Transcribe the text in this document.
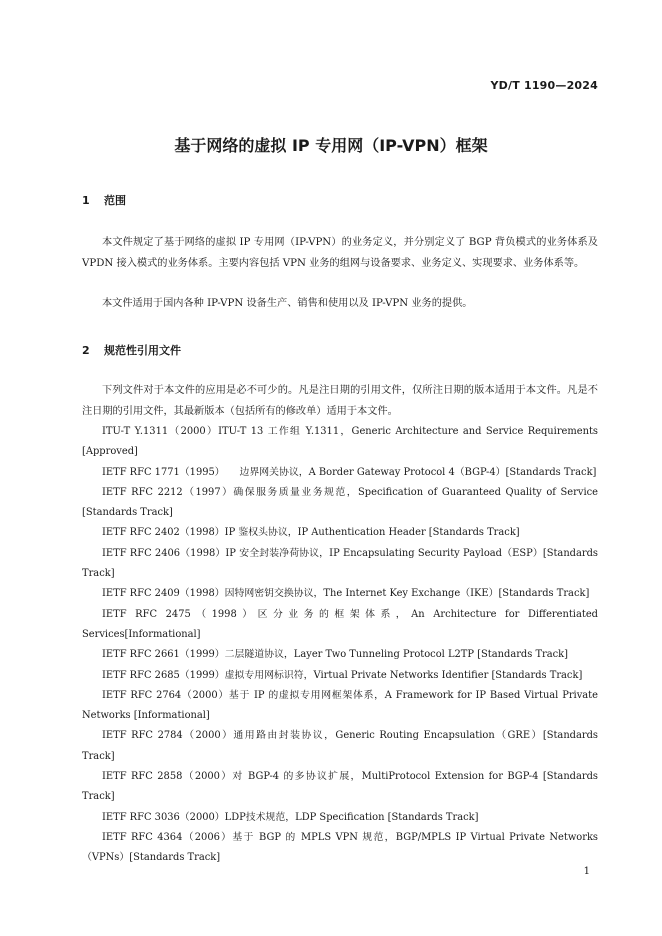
YD/T 1190—2024
基于网络的虚拟 IP 专用网（IP-VPN）框架
1 范围

本文件规定了基于网络的虚拟 IP 专用网（IP-VPN）的业务定义，并分别定义了 BGP 背负模式的业务体系及 VPDN 接入模式的业务体系。主要内容包括 VPN 业务的组网与设备要求、业务定义、实现要求、业务体系等。

本文件适用于国内各种 IP-VPN 设备生产、销售和使用以及 IP-VPN 业务的提供。

2 规范性引用文件

下列文件对于本文件的应用是必不可少的。凡是注日期的引用文件，仅所注日期的版本适用于本文件。凡是不注日期的引用文件，其最新版本（包括所有的修改单）适用于本文件。

ITU-T Y.1311（2000）ITU-T 13 工作组 Y.1311，Generic Architecture and Service Requirements [Approved]
IETF RFC 1771（1995）　　边界网关协议，A Border Gateway Protocol 4（BGP-4）[Standards Track]
IETF RFC 2212（1997）确保服务质量业务规范，Specification of Guaranteed Quality of Service [Standards Track]
IETF RFC 2402（1998）IP 鉴权头协议，IP Authentication Header [Standards Track]
IETF RFC 2406（1998）IP 安全封装净荷协议，IP Encapsulating Security Payload（ESP）[Standards Track]
IETF RFC 2409（1998）因特网密钥交换协议，The Internet Key Exchange（IKE）[Standards Track]
IETF RFC 2475（1998）区分业务的框架体系，An Architecture for Differentiated Services[Informational]
IETF RFC 2661（1999）二层隧道协议，Layer Two Tunneling Protocol L2TP [Standards Track]
IETF RFC 2685（1999）虚拟专用网标识符，Virtual Private Networks Identifier [Standards Track]
IETF RFC 2764（2000）基于 IP 的虚拟专用网框架体系，A Framework for IP Based Virtual Private Networks [Informational]
IETF RFC 2784（2000）通用路由封装协议，Generic Routing Encapsulation（GRE）[Standards Track]
IETF RFC 2858（2000）对 BGP-4 的多协议扩展，MultiProtocol Extension for BGP-4 [Standards Track]
IETF RFC 3036（2000）LDP技术规范，LDP Specification [Standards Track]
IETF RFC 4364（2006）基于 BGP 的 MPLS VPN 规范，BGP/MPLS IP Virtual Private Networks（VPNs）[Standards Track]
1
